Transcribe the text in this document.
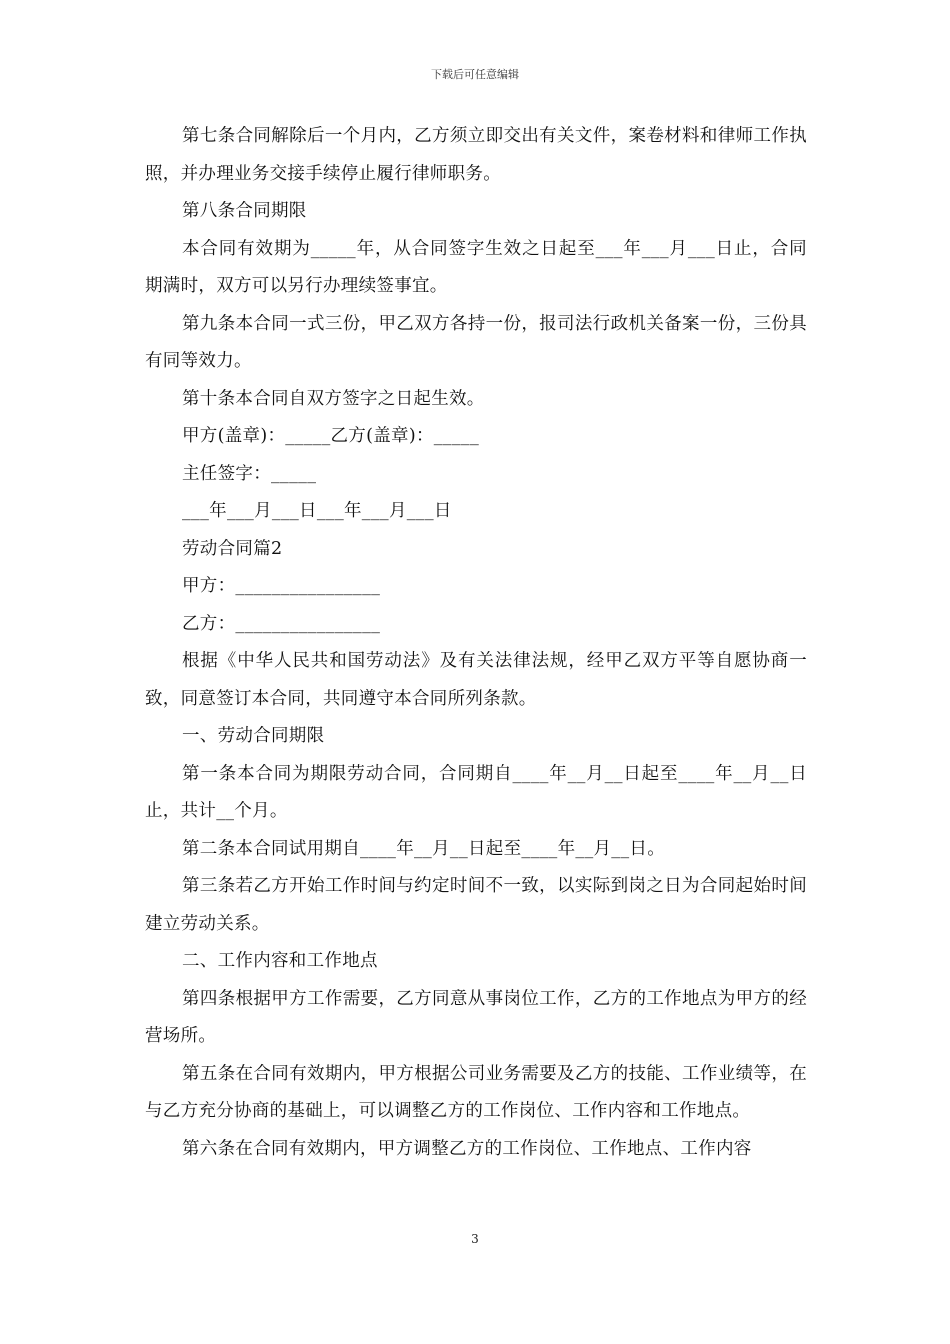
下载后可任意编辑

第七条合同解除后一个月内，乙方须立即交出有关文件，案卷材料和律师工作执照，并办理业务交接手续停止履行律师职务。

第八条合同期限

本合同有效期为_____年，从合同签字生效之日起至___年___月___日止，合同期满时，双方可以另行办理续签事宜。

第九条本合同一式三份，甲乙双方各持一份，报司法行政机关备案一份，三份具有同等效力。

第十条本合同自双方签字之日起生效。

甲方(盖章)：_____乙方(盖章)：_____

主任签字：_____

___年___月___日___年___月___日

劳动合同篇2

甲方：________________

乙方：________________

根据《中华人民共和国劳动法》及有关法律法规，经甲乙双方平等自愿协商一致，同意签订本合同，共同遵守本合同所列条款。

一、劳动合同期限

第一条本合同为期限劳动合同，合同期自____年__月__日起至____年__月__日止，共计__个月。

第二条本合同试用期自____年__月__日起至____年__月__日。

第三条若乙方开始工作时间与约定时间不一致，以实际到岗之日为合同起始时间建立劳动关系。

二、工作内容和工作地点

第四条根据甲方工作需要，乙方同意从事岗位工作，乙方的工作地点为甲方的经营场所。

第五条在合同有效期内，甲方根据公司业务需要及乙方的技能、工作业绩等，在与乙方充分协商的基础上，可以调整乙方的工作岗位、工作内容和工作地点。

第六条在合同有效期内，甲方调整乙方的工作岗位、工作地点、工作内容

3
